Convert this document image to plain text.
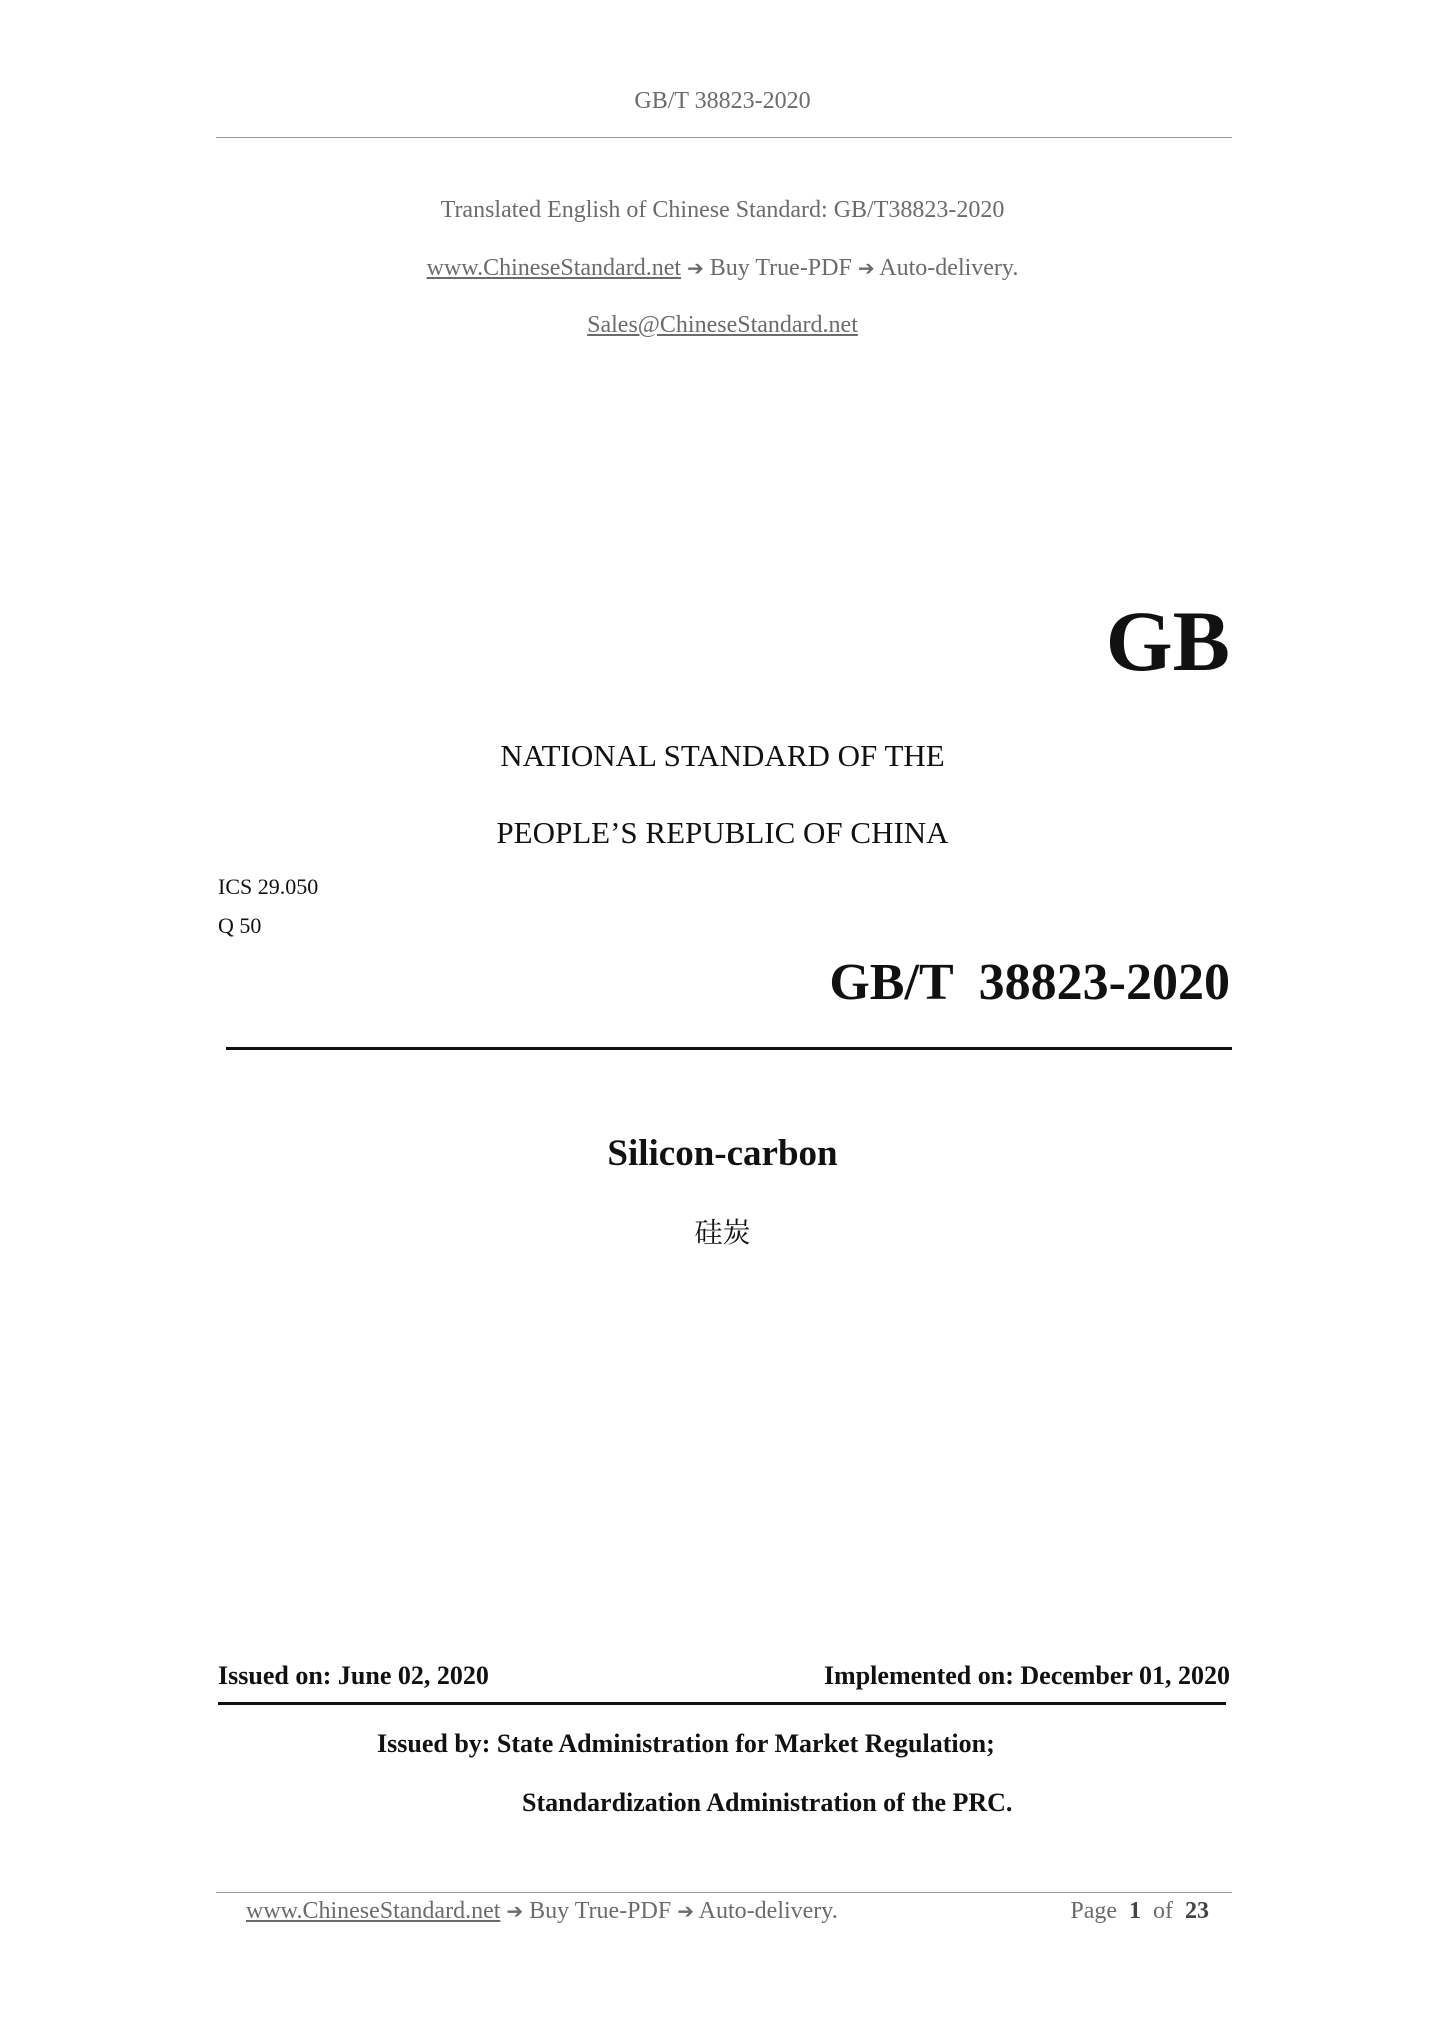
GB/T 38823-2020
Translated English of Chinese Standard: GB/T38823-2020
www.ChineseStandard.net ➔ Buy True-PDF ➔ Auto-delivery.
Sales@ChineseStandard.net
GB
NATIONAL STANDARD OF THE
PEOPLE’S REPUBLIC OF CHINA
ICS 29.050
Q 50
GB/T  38823-2020
Silicon-carbon
硅炭
Issued on: June 02, 2020	Implemented on: December 01, 2020
Issued by: State Administration for Market Regulation;
Standardization Administration of the PRC.
www.ChineseStandard.net ➔ Buy True-PDF ➔ Auto-delivery.	Page 1 of 23
